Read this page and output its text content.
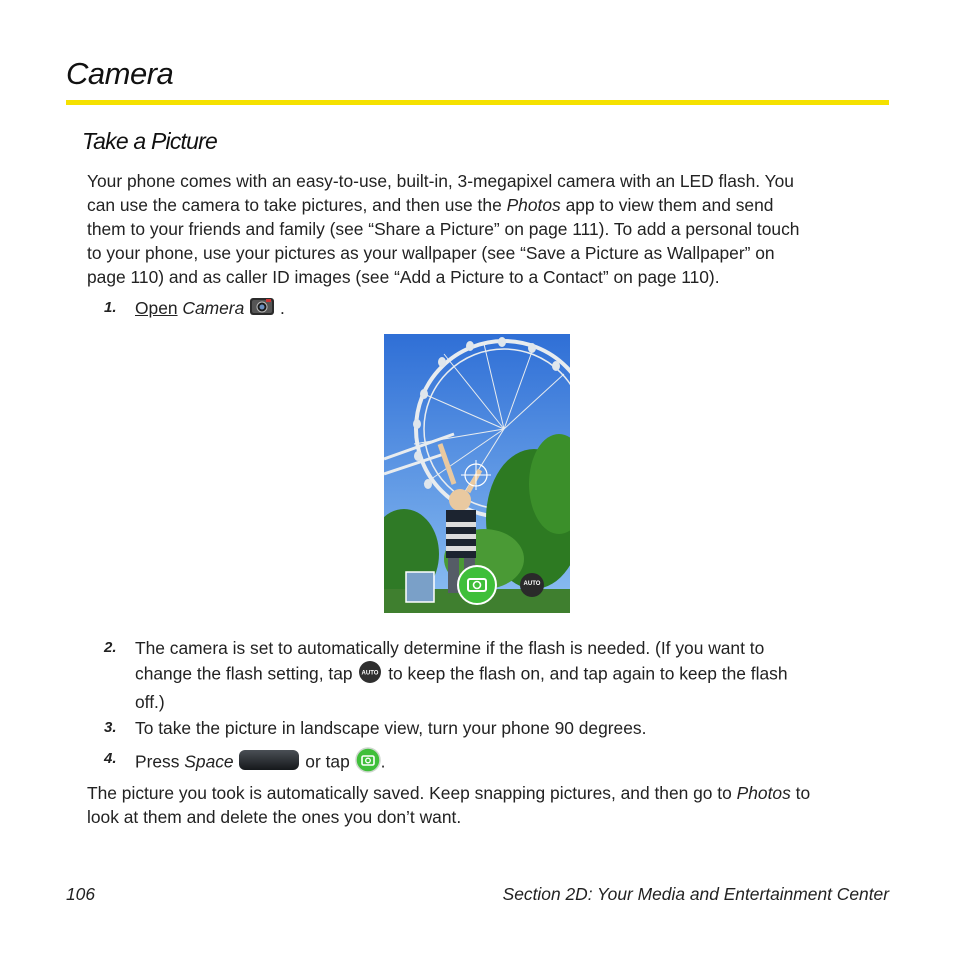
Camera
Take a Picture
Your phone comes with an easy-to-use, built-in, 3-megapixel camera with an LED flash. You
can use the camera to take pictures, and then use the Photos app to view them and send
them to your friends and family (see “Share a Picture” on page 111). To add a personal touch
to your phone, use your pictures as your wallpaper (see “Save a Picture as Wallpaper” on
page 110) and as caller ID images (see “Add a Picture to a Contact” on page 110).
1. Open Camera .
AUTO
2. The camera is set to automatically determine if the flash is needed. (If you want to
change the flash setting, tap AUTO to keep the flash on, and tap again to keep the flash
off.)
3. To take the picture in landscape view, turn your phone 90 degrees.
4. Press Space	or tap .
The picture you took is automatically saved. Keep snapping pictures, and then go to Photos to
look at them and delete the ones you don’t want.
106	Section 2D: Your Media and Entertainment Center
